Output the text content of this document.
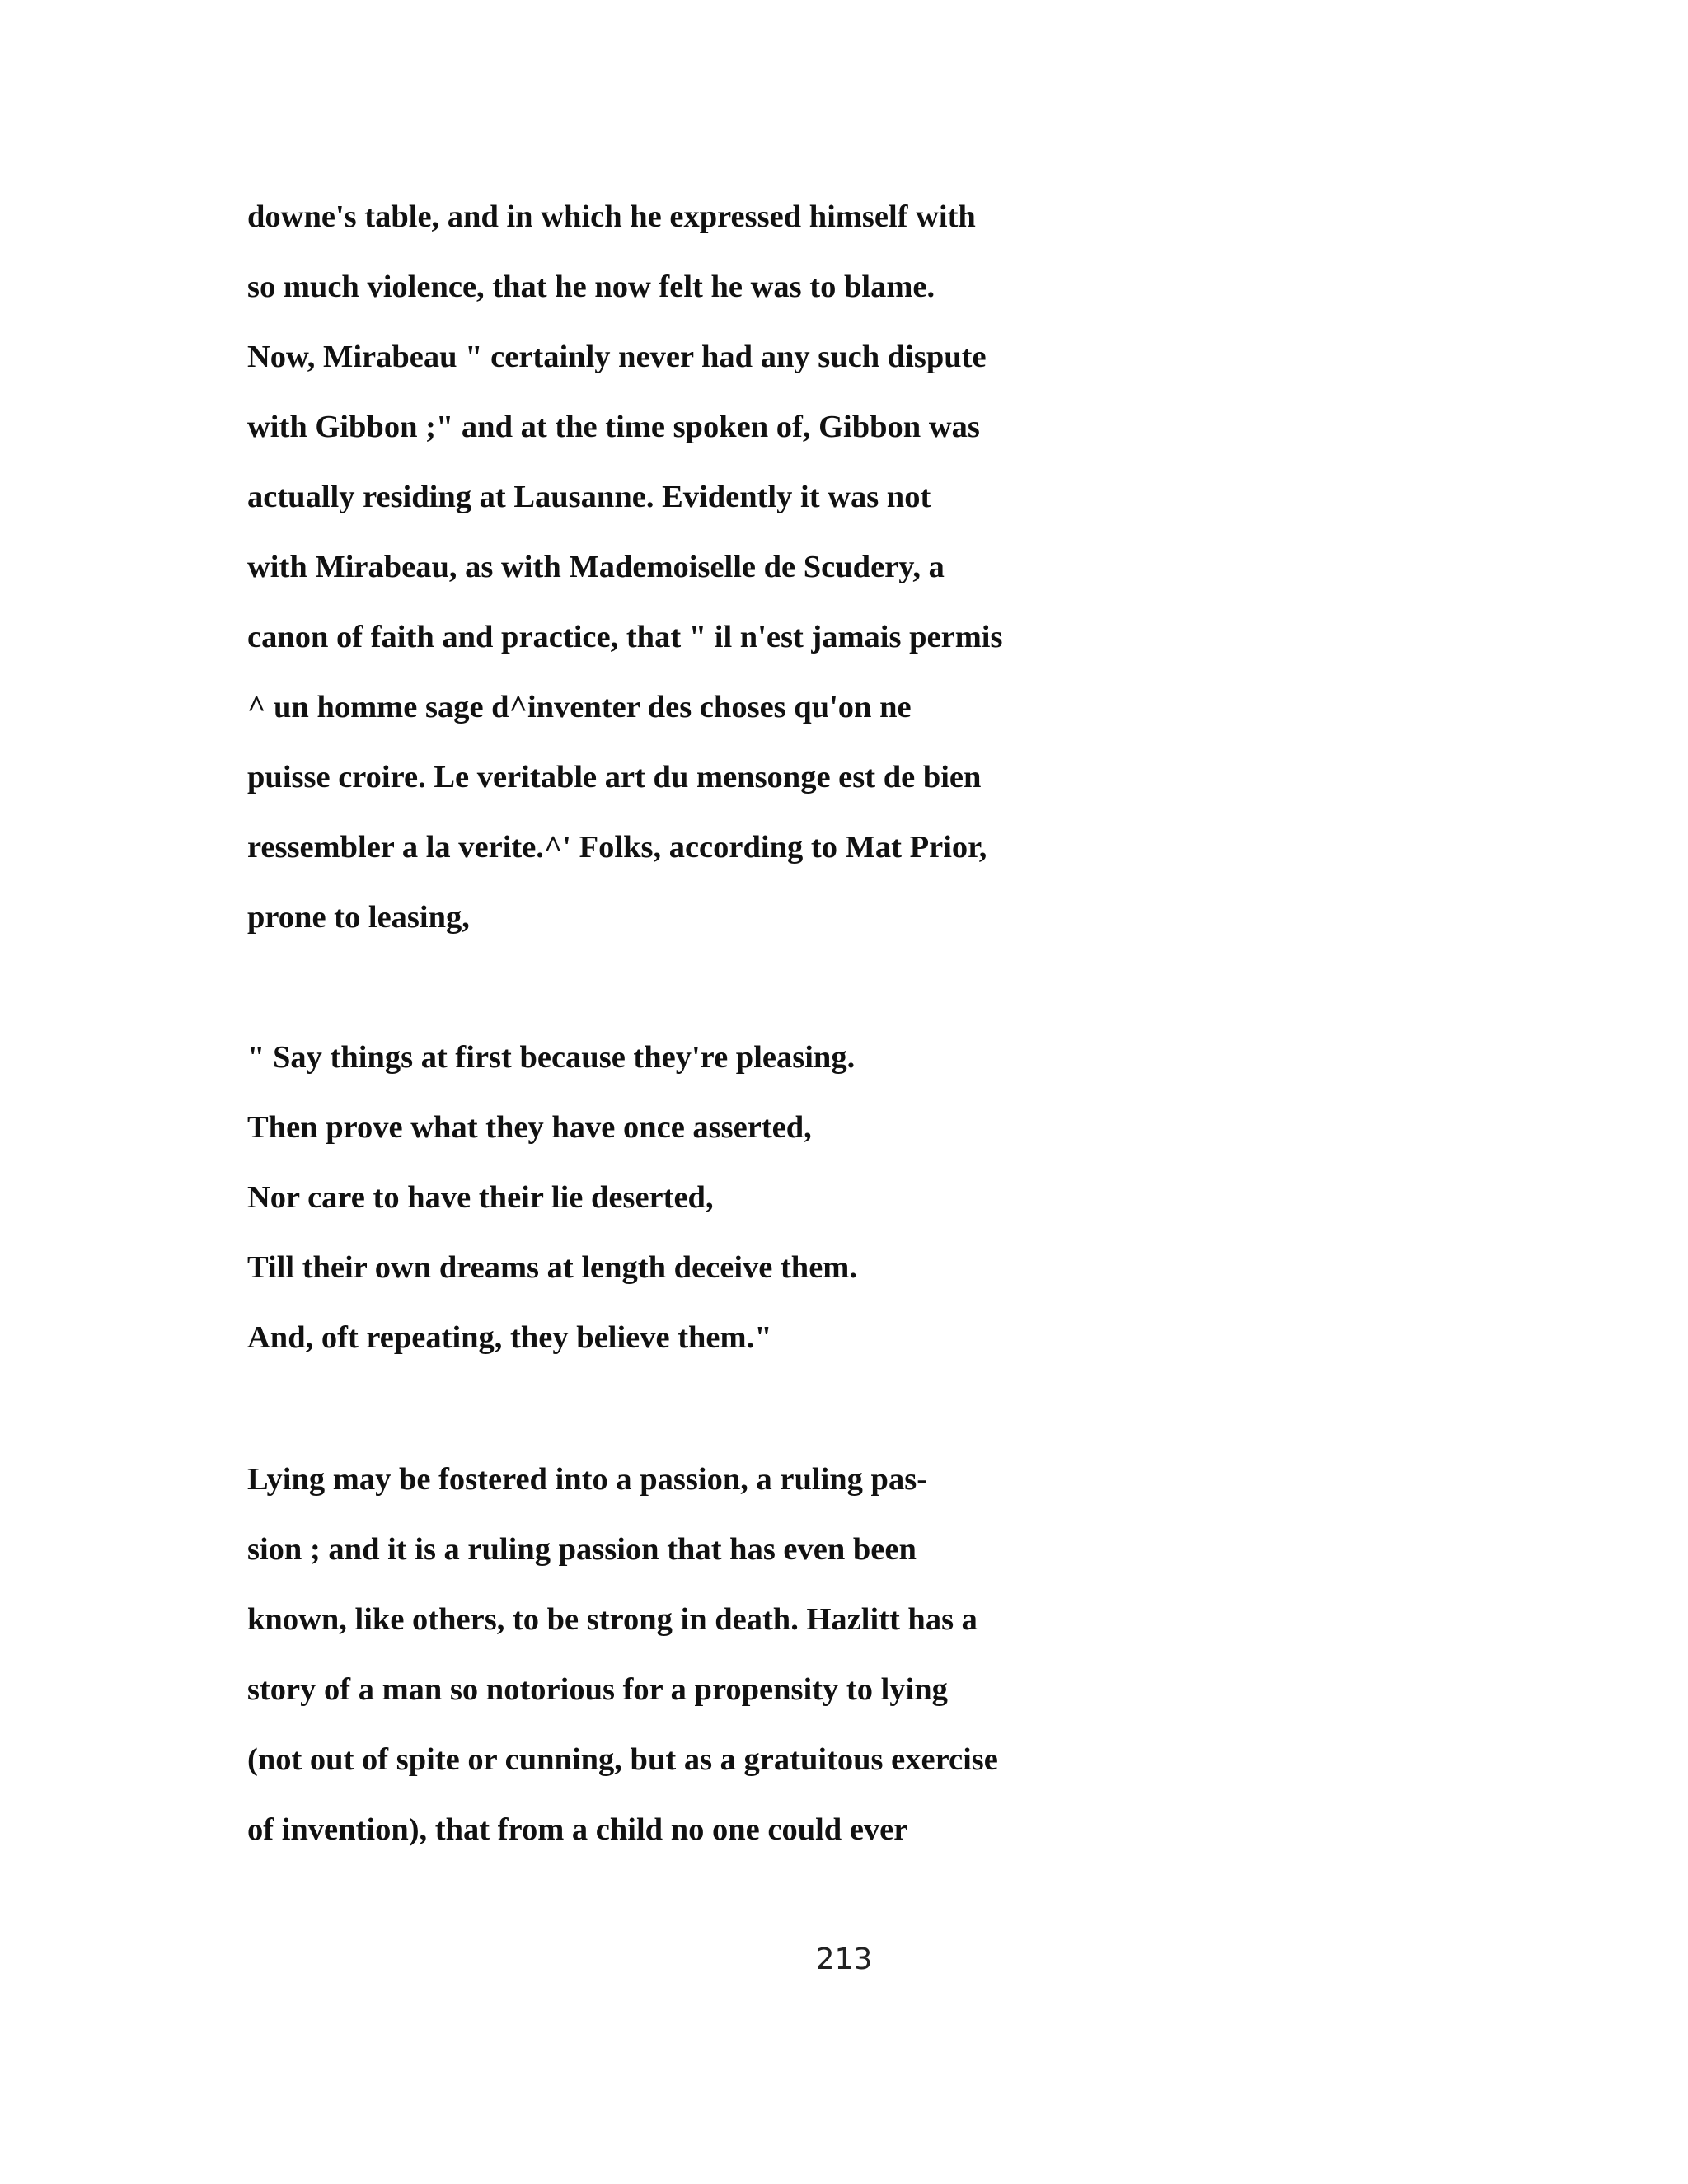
downe's table, and in which he expressed himself with

so much violence, that he now felt he was to blame.

Now, Mirabeau " certainly never had any such dispute

with Gibbon ;" and at the time spoken of, Gibbon was

actually residing at Lausanne. Evidently it was not

with Mirabeau, as with Mademoiselle de Scudery, a

canon of faith and practice, that " il n'est jamais permis

^ un homme sage d^inventer des choses qu'on ne

puisse croire. Le veritable art du mensonge est de bien

ressembler a la verite.^' Folks, according to Mat Prior,

prone to leasing,

" Say things at first because they're pleasing.

Then prove what they have once asserted,

Nor care to have their lie deserted,

Till their own dreams at length deceive them.

And, oft repeating, they believe them."

Lying may be fostered into a passion, a ruling pas-

sion ; and it is a ruling passion that has even been

known, like others, to be strong in death. Hazlitt has a

story of a man so notorious for a propensity to lying

(not out of spite or cunning, but as a gratuitous exercise

of invention), that from a child no one could ever

213
